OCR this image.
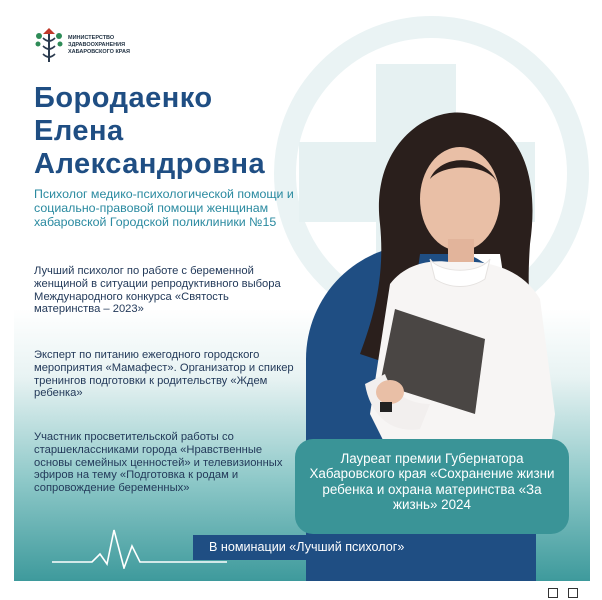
МИНИСТЕРСТВО
ЗДРАВООХРАНЕНИЯ
ХАБАРОВСКОГО КРАЯ
Бородаенко
Елена
Александровна
Психолог медико-психологической помощи и социально-правовой помощи женщинам хабаровской Городской поликлиники №15
Лучший психолог по работе с беременной женщиной в ситуации репродуктивного выбора Международного конкурса «Святость материнства – 2023»
Эксперт по питанию ежегодного городского мероприятия «Мамафест». Организатор и спикер тренингов подготовки к родительству «Ждем ребенка»
Участник просветительской работы со старшеклассниками города «Нравственные основы семейных ценностей» и телевизионных эфиров на тему «Подготовка к родам и сопровождение беременных»
Лауреат премии Губернатора Хабаровского края «Сохранение жизни ребенка и охрана материнства «За жизнь» 2024
В номинации «Лучший психолог»
